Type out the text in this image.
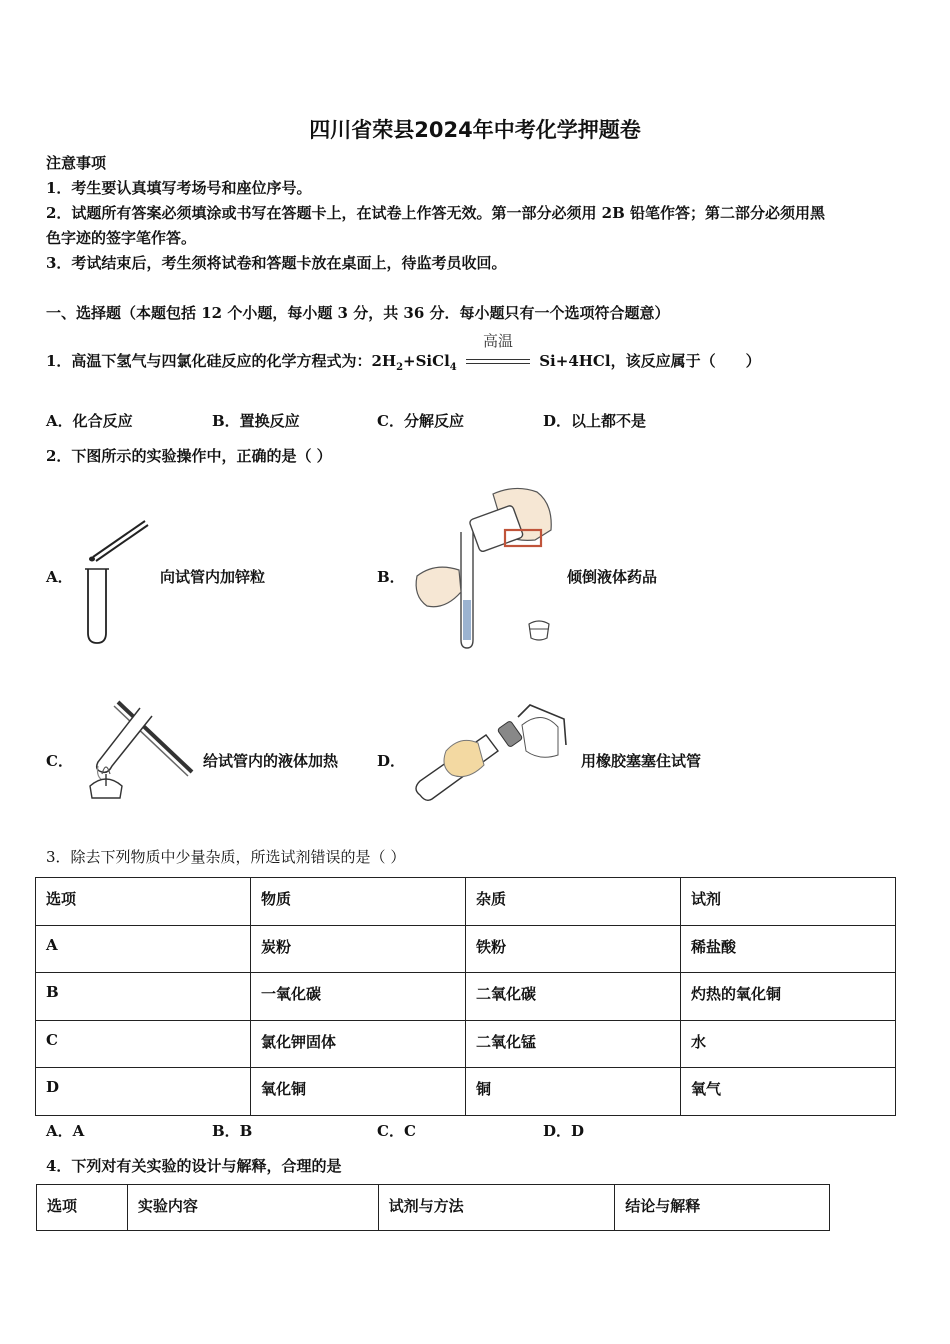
四川省荣县2024年中考化学押题卷
注意事项
1．考生要认真填写考场号和座位序号。
2．试题所有答案必须填涂或书写在答题卡上，在试卷上作答无效。第一部分必须用 2B 铅笔作答；第二部分必须用黑
色字迹的签字笔作答。
3．考试结束后，考生须将试卷和答题卡放在桌面上，待监考员收回。
一、选择题（本题包括 12 个小题，每小题 3 分，共 36 分．每小题只有一个选项符合题意）
1．高温下氢气与四氯化硅反应的化学方程式为：$2H_2+SiCl_4$
高温
Si+4HCl，该反应属于（　　）
A．化合反应	B．置换反应	C．分解反应	D．以上都不是
2．下图所示的实验操作中，正确的是（ ）
A．	向试管内加锌粒	B．	倾倒液体药品
C．	给试管内的液体加热	D．	用橡胶塞塞住试管
3．除去下列物质中少量杂质，所选试剂错误的是（ ）
选项	物质	杂质	试剂
A	炭粉	铁粉	稀盐酸
B	一氧化碳	二氧化碳	灼热的氧化铜
C	氯化钾固体	二氧化锰	水
D	氧化铜	铜	氧气
A．A	B．B	C．C	D．D
4．下列对有关实验的设计与解释，合理的是
选项	实验内容	试剂与方法	结论与解释
